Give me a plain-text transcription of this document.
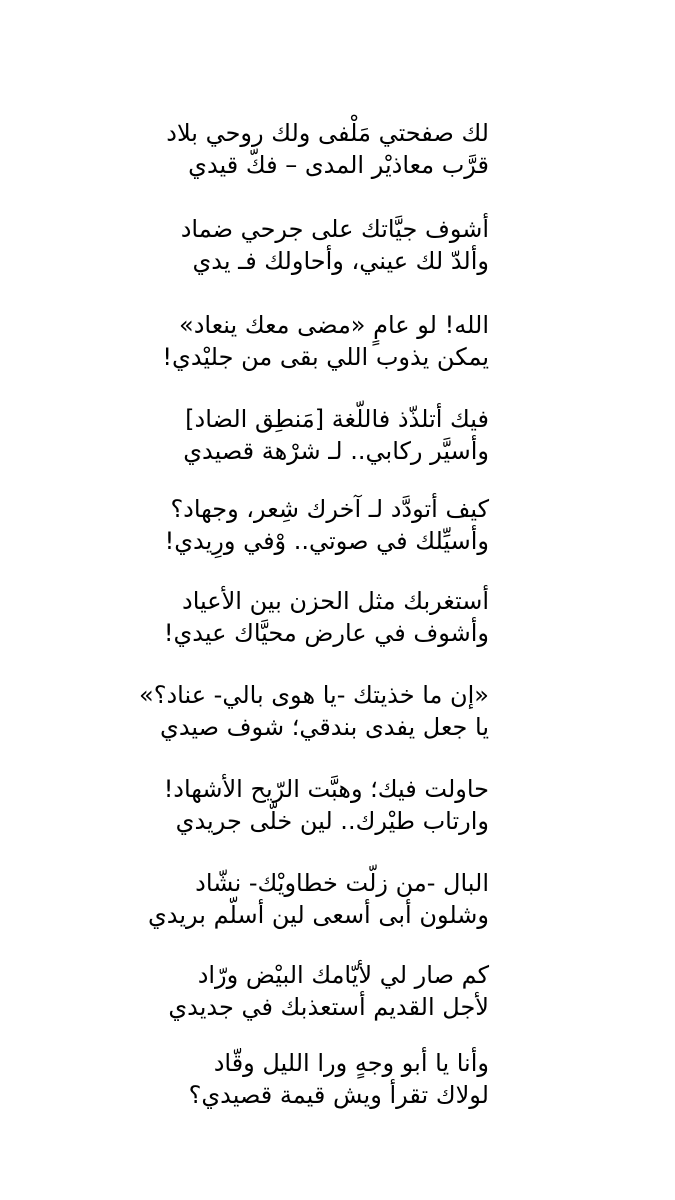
لك صفحتي مَلْفى ولك روحي بلاد
قرَّب معاذيْر المدى – فكّ قيدي
أشوف جيَّاتك على جرحي ضماد
وألدّ لك عيني، وأحاولك فـ يدي
الله! لو عامٍ «مضى معك ينعاد»
يمكن يذوب اللي بقى من جليْدي!
فيك أتلذّذ فاللّغة [مَنطِق الضاد]
وأسيَّر ركابي.. لـ شرْهة قصيدي
كيف أتودَّد لـ آخرك شِعر، وجهاد؟
وأسيِّلك في صوتي.. وْفي ورِيدي!
أستغربك مثل الحزن بين الأعياد
وأشوف في عارض محيَّاك عيدي!
«إن ما خذيتك -يا هوى بالي- عناد؟»
يا جعل يفدى بندقي؛ شوف صيدي
حاولت فيك؛ وهبَّت الرّيح الأشهاد!
وارتاب طيْرك.. لين خلّى جريدي
البال -من زلّت خطاويْك- نشّاد
وشلون أبى أسعى لين أسلّم بريدي
كم صار لي لأيّامك البيْض ورّاد
لأجل القديم أستعذبك في جديدي
وأنا يا أبو وجهٍ ورا الليل وقّاد
لولاك تقرأ ويش قيمة قصيدي؟
